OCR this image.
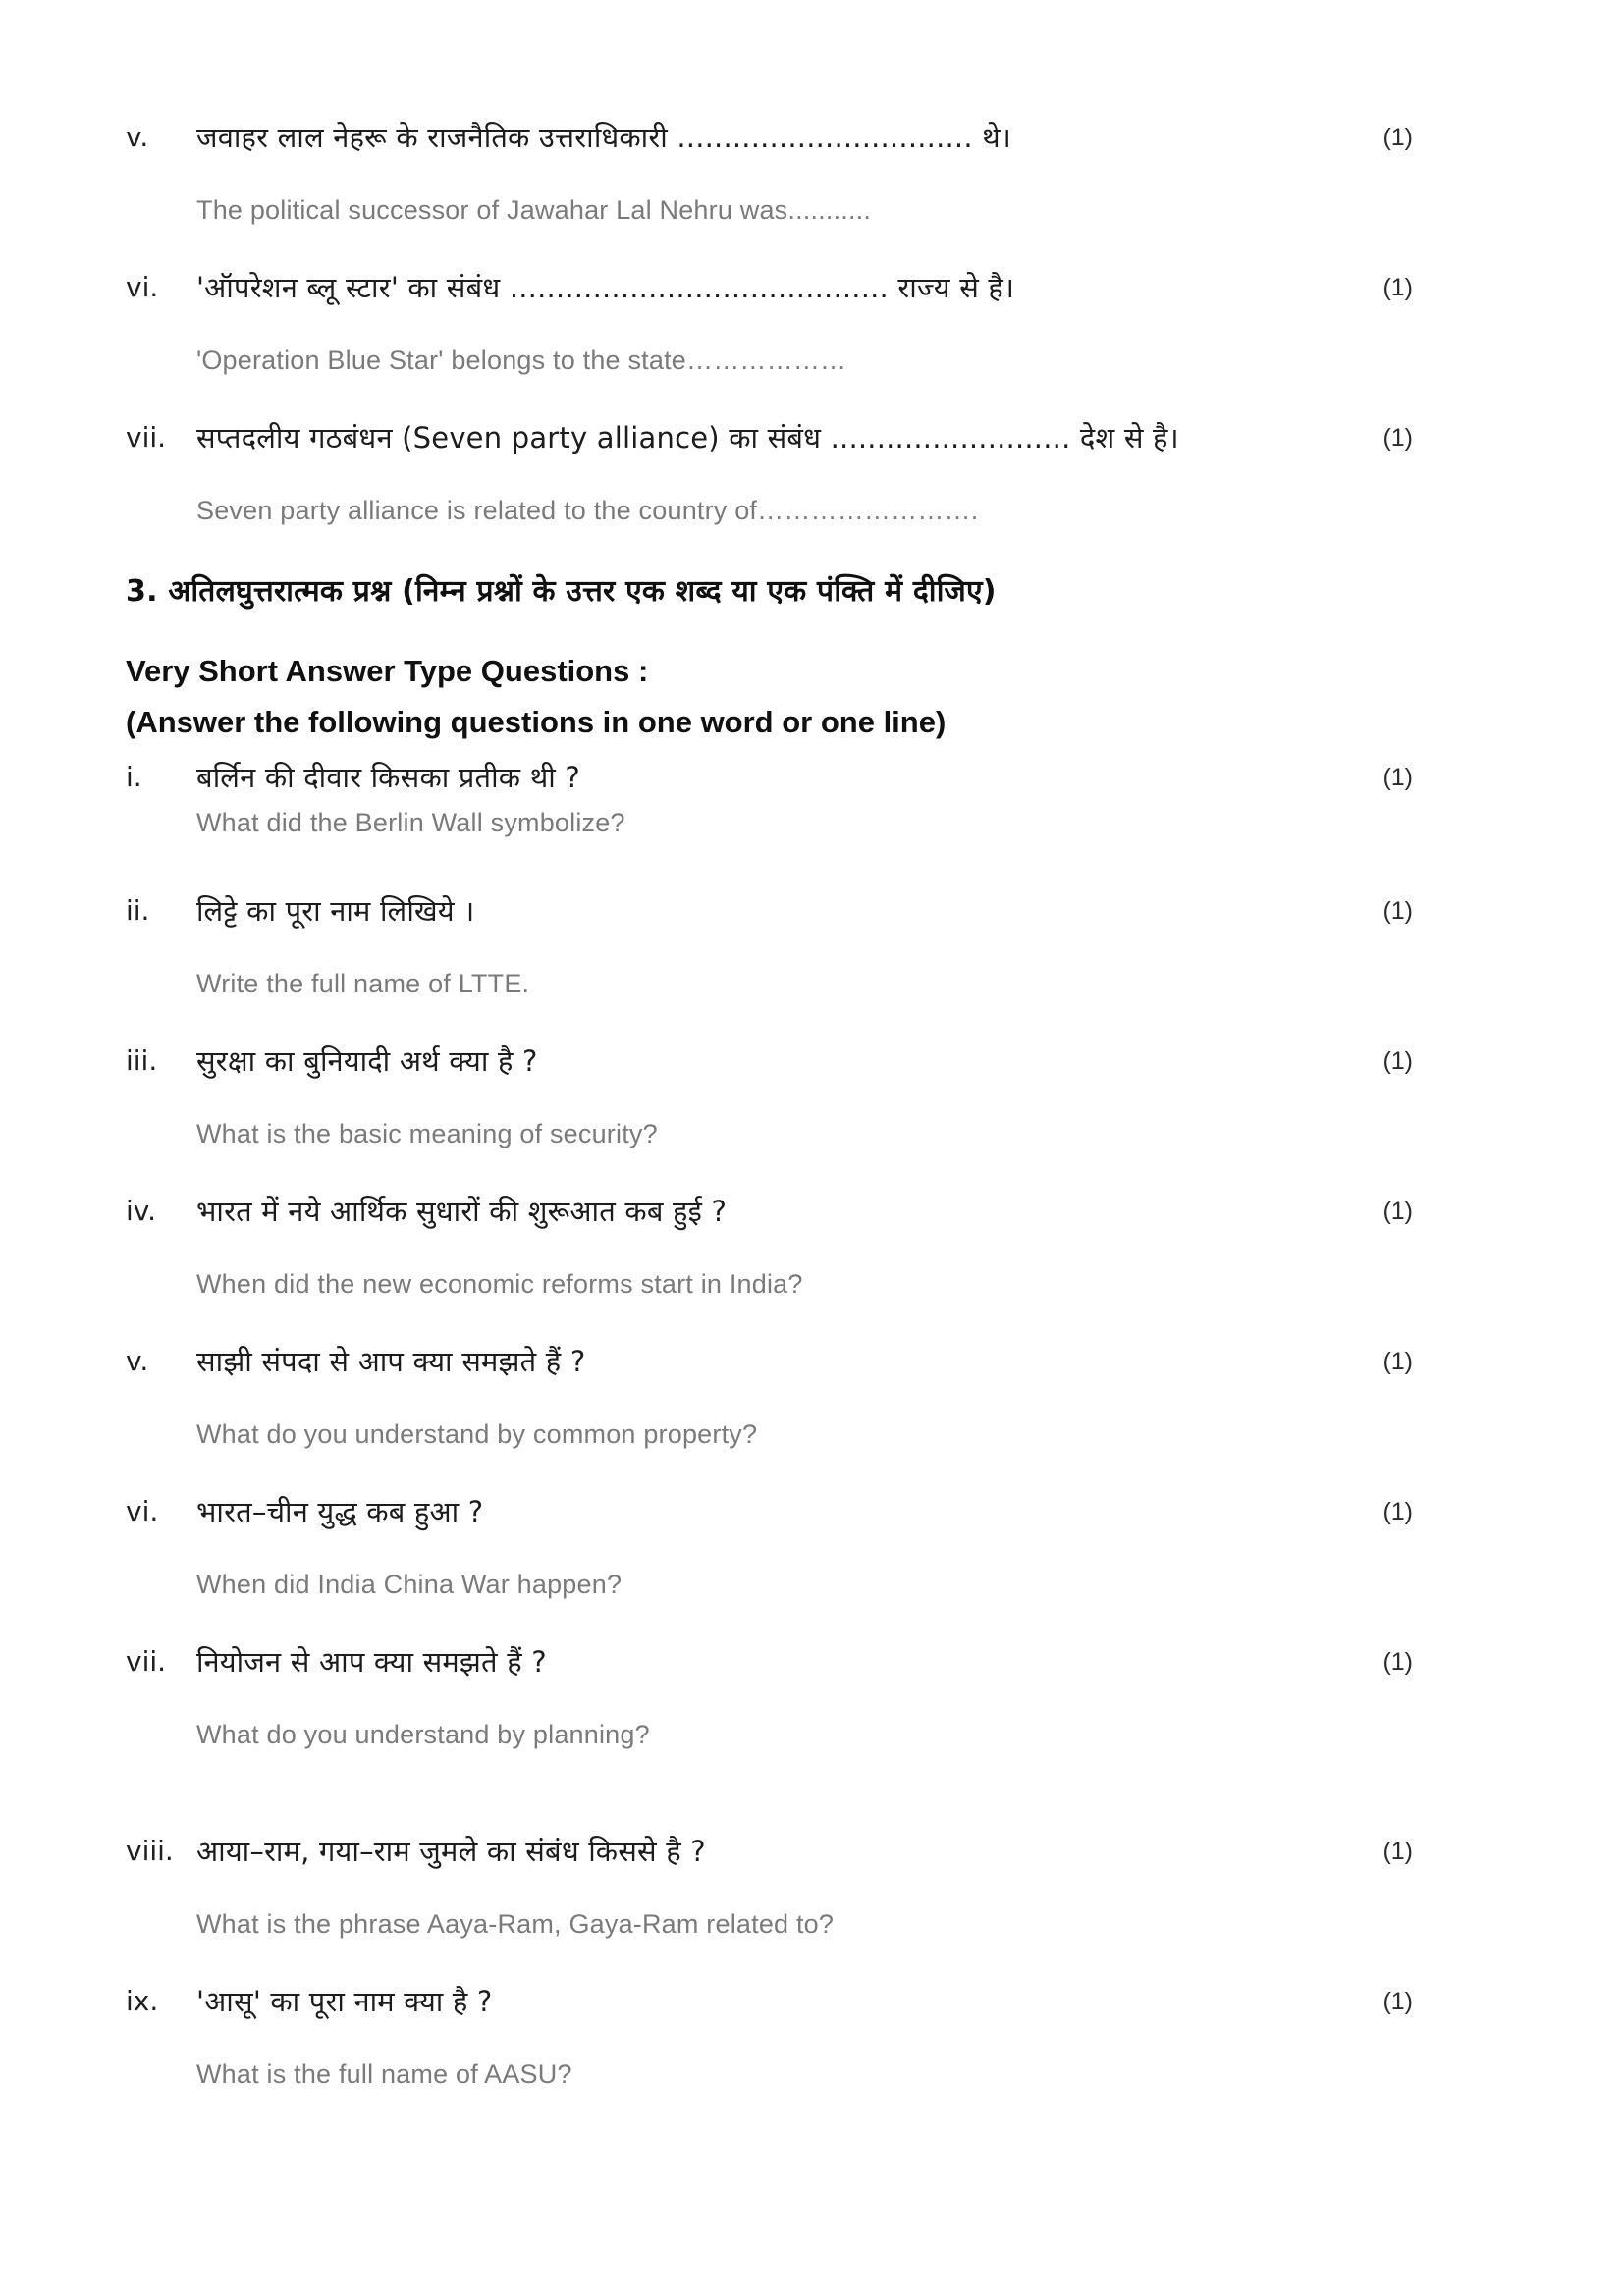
v.	जवाहर लाल नेहरू के राजनैतिक उत्तराधिकारी ................................ थे।	(1)
The political successor of Jawahar Lal Nehru was...........
vi.	'ऑपरेशन ब्लू स्टार' का संबंध ......................................... राज्य से है।	(1)
'Operation Blue Star' belongs to the state………………
vii.	सप्तदलीय गठबंधन (Seven party alliance) का संबंध .......................... देश से है।	(1)
Seven party alliance is related to the country of…………………….
3. अतिलघुत्तरात्मक प्रश्न (निम्न प्रश्नों के उत्तर एक शब्द या एक पंक्ति में दीजिए)
Very Short Answer Type Questions :
(Answer the following questions in one word or one line)
i.	बर्लिन की दीवार किसका प्रतीक थी ?	(1)
What did the Berlin Wall symbolize?
ii.	लिट्टे का पूरा नाम लिखिये ।	(1)
Write the full name of LTTE.
iii.	सुरक्षा का बुनियादी अर्थ क्या है ?	(1)
What is the basic meaning of security?
iv.	भारत में नये आर्थिक सुधारों की शुरूआत कब हुई ?	(1)
When did the new economic reforms start in India?
v.	साझी संपदा से आप क्या समझते हैं ?	(1)
What do you understand by common property?
vi.	भारत–चीन युद्ध कब हुआ ?	(1)
When did India China War happen?
vii.	नियोजन से आप क्या समझते हैं ?	(1)
What do you understand by planning?
viii. आया–राम, गया–राम जुमले का संबंध किससे है ?	(1)
What is the phrase Aaya-Ram, Gaya-Ram related to?
ix.	'आसू' का पूरा नाम क्या है ?	(1)
What is the full name of AASU?
